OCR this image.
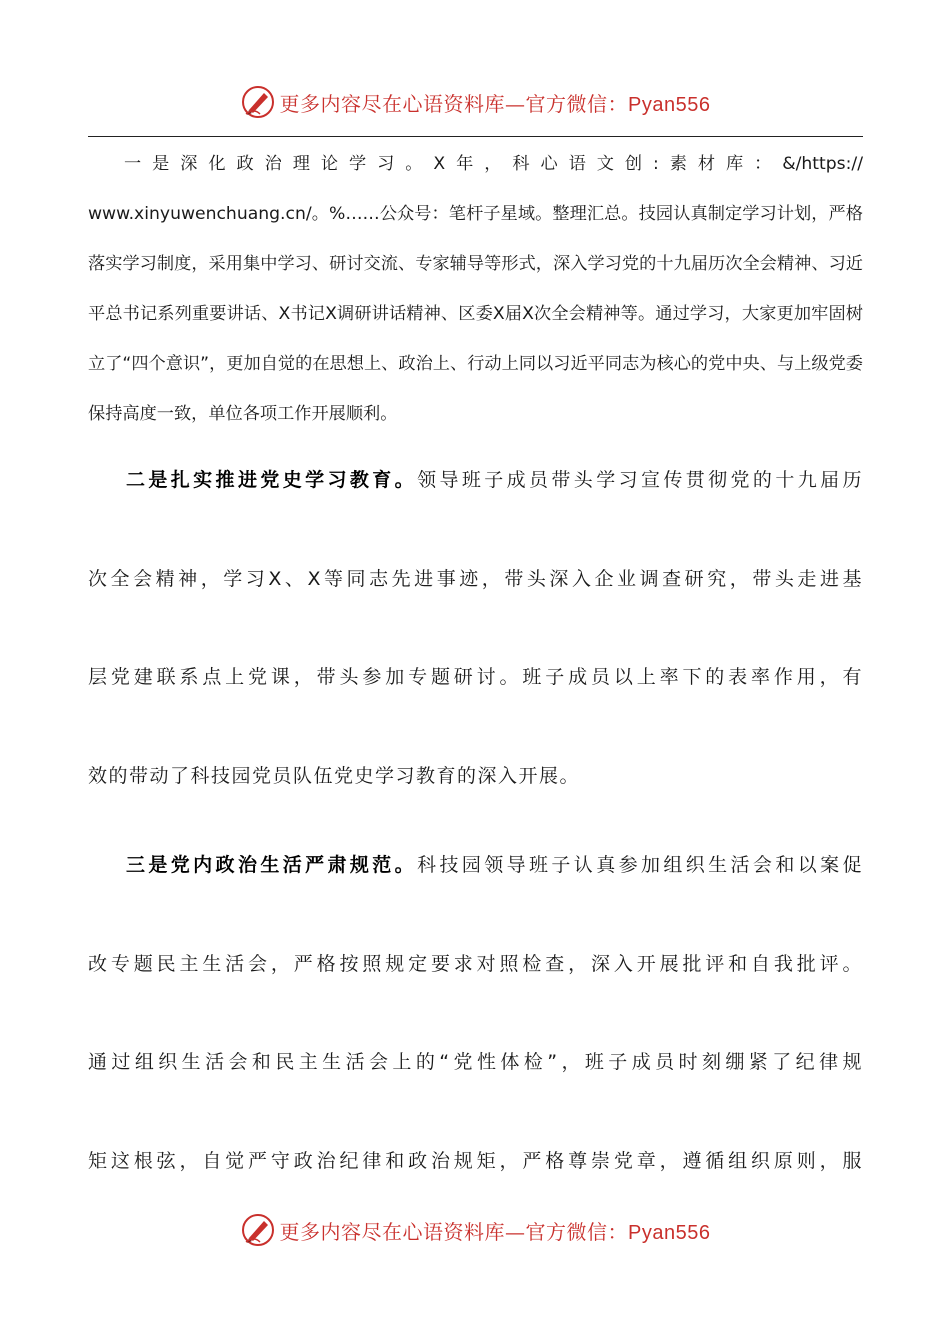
更多内容尽在心语资料库—官方微信：Pyan556
一是深化政治理论学习。X年，科心语文创:素材库：&/https://
www.xinyuwenchuang.cn/。%……公众号：笔杆子星域。整理汇总。技园认真制定学习计划，严格落实学习制度，采用集中学习、研讨交流、专家辅导等形式，深入学习党的十九届历次全会精神、习近平总书记系列重要讲话、X书记X调研讲话精神、区委X届X次全会精神等。通过学习，大家更加牢固树立了“四个意识”，更加自觉的在思想上、政治上、行动上同以习近平同志为核心的党中央、与上级党委保持高度一致，单位各项工作开展顺利。
二是扎实推进党史学习教育。领导班子成员带头学习宣传贯彻党的十九届历
次全会精神，学习X、X等同志先进事迹，带头深入企业调查研究，带头走进基
层党建联系点上党课，带头参加专题研讨。班子成员以上率下的表率作用，有
效的带动了科技园党员队伍党史学习教育的深入开展。
三是党内政治生活严肃规范。科技园领导班子认真参加组织生活会和以案促
改专题民主生活会，严格按照规定要求对照检查，深入开展批评和自我批评。
通过组织生活会和民主生活会上的“党性体检”，班子成员时刻绷紧了纪律规
矩这根弦，自觉严守政治纪律和政治规矩，严格尊崇党章，遵循组织原则，服
更多内容尽在心语资料库—官方微信：Pyan556
